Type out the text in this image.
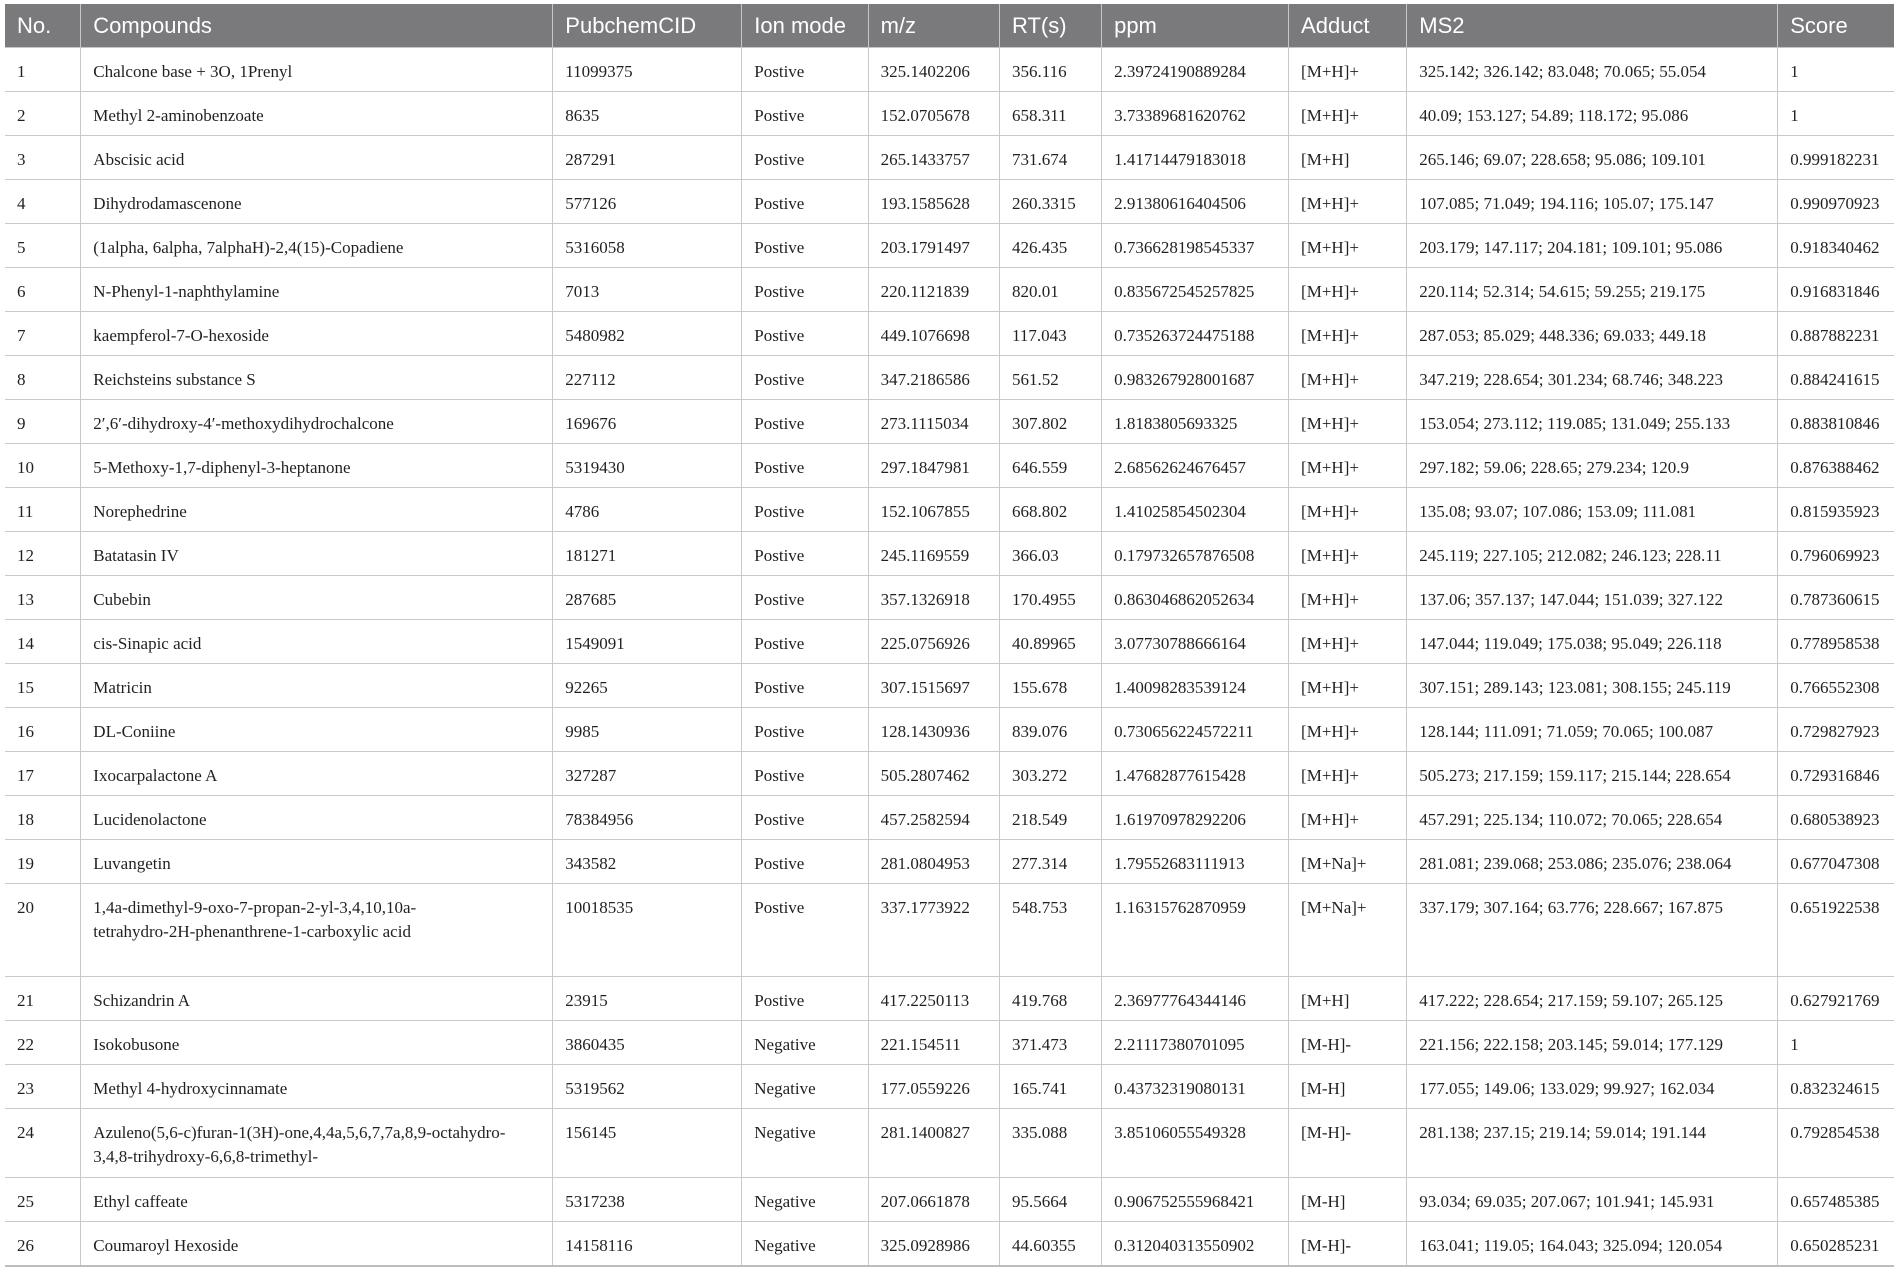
No.	Compounds	PubchemCID	Ion mode	m/z	RT(s)	ppm	Adduct	MS2	Score
1	Chalcone base + 3O, 1Prenyl	11099375	Postive	325.1402206	356.116	2.39724190889284	[M+H]+	325.142; 326.142; 83.048; 70.065; 55.054	1
2	Methyl 2-aminobenzoate	8635	Postive	152.0705678	658.311	3.73389681620762	[M+H]+	40.09; 153.127; 54.89; 118.172; 95.086	1
3	Abscisic acid	287291	Postive	265.1433757	731.674	1.41714479183018	[M+H]	265.146; 69.07; 228.658; 95.086; 109.101	0.999182231
4	Dihydrodamascenone	577126	Postive	193.1585628	260.3315	2.91380616404506	[M+H]+	107.085; 71.049; 194.116; 105.07; 175.147	0.990970923
5	(1alpha, 6alpha, 7alphaH)-2,4(15)-Copadiene	5316058	Postive	203.1791497	426.435	0.736628198545337	[M+H]+	203.179; 147.117; 204.181; 109.101; 95.086	0.918340462
6	N-Phenyl-1-naphthylamine	7013	Postive	220.1121839	820.01	0.835672545257825	[M+H]+	220.114; 52.314; 54.615; 59.255; 219.175	0.916831846
7	kaempferol-7-O-hexoside	5480982	Postive	449.1076698	117.043	0.735263724475188	[M+H]+	287.053; 85.029; 448.336; 69.033; 449.18	0.887882231
8	Reichsteins substance S	227112	Postive	347.2186586	561.52	0.983267928001687	[M+H]+	347.219; 228.654; 301.234; 68.746; 348.223	0.884241615
9	2′,6′-dihydroxy-4′-methoxydihydrochalcone	169676	Postive	273.1115034	307.802	1.8183805693325	[M+H]+	153.054; 273.112; 119.085; 131.049; 255.133	0.883810846
10	5-Methoxy-1,7-diphenyl-3-heptanone	5319430	Postive	297.1847981	646.559	2.68562624676457	[M+H]+	297.182; 59.06; 228.65; 279.234; 120.9	0.876388462
11	Norephedrine	4786	Postive	152.1067855	668.802	1.41025854502304	[M+H]+	135.08; 93.07; 107.086; 153.09; 111.081	0.815935923
12	Batatasin IV	181271	Postive	245.1169559	366.03	0.179732657876508	[M+H]+	245.119; 227.105; 212.082; 246.123; 228.11	0.796069923
13	Cubebin	287685	Postive	357.1326918	170.4955	0.863046862052634	[M+H]+	137.06; 357.137; 147.044; 151.039; 327.122	0.787360615
14	cis-Sinapic acid	1549091	Postive	225.0756926	40.89965	3.07730788666164	[M+H]+	147.044; 119.049; 175.038; 95.049; 226.118	0.778958538
15	Matricin	92265	Postive	307.1515697	155.678	1.40098283539124	[M+H]+	307.151; 289.143; 123.081; 308.155; 245.119	0.766552308
16	DL-Coniine	9985	Postive	128.1430936	839.076	0.730656224572211	[M+H]+	128.144; 111.091; 71.059; 70.065; 100.087	0.729827923
17	Ixocarpalactone A	327287	Postive	505.2807462	303.272	1.47682877615428	[M+H]+	505.273; 217.159; 159.117; 215.144; 228.654	0.729316846
18	Lucidenolactone	78384956	Postive	457.2582594	218.549	1.61970978292206	[M+H]+	457.291; 225.134; 110.072; 70.065; 228.654	0.680538923
19	Luvangetin	343582	Postive	281.0804953	277.314	1.79552683111913	[M+Na]+	281.081; 239.068; 253.086; 235.076; 238.064	0.677047308
20	1,4a-dimethyl-9-oxo-7-propan-2-yl-3,4,10,10a-tetrahydro-2H-phenanthrene-1-carboxylic acid	10018535	Postive	337.1773922	548.753	1.16315762870959	[M+Na]+	337.179; 307.164; 63.776; 228.667; 167.875	0.651922538
21	Schizandrin A	23915	Postive	417.2250113	419.768	2.36977764344146	[M+H]	417.222; 228.654; 217.159; 59.107; 265.125	0.627921769
22	Isokobusone	3860435	Negative	221.154511	371.473	2.21117380701095	[M-H]-	221.156; 222.158; 203.145; 59.014; 177.129	1
23	Methyl 4-hydroxycinnamate	5319562	Negative	177.0559226	165.741	0.43732319080131	[M-H]	177.055; 149.06; 133.029; 99.927; 162.034	0.832324615
24	Azuleno(5,6-c)furan-1(3H)-one,4,4a,5,6,7,7a,8,9-octahydro-3,4,8-trihydroxy-6,6,8-trimethyl-	156145	Negative	281.1400827	335.088	3.85106055549328	[M-H]-	281.138; 237.15; 219.14; 59.014; 191.144	0.792854538
25	Ethyl caffeate	5317238	Negative	207.0661878	95.5664	0.906752555968421	[M-H]	93.034; 69.035; 207.067; 101.941; 145.931	0.657485385
26	Coumaroyl Hexoside	14158116	Negative	325.0928986	44.60355	0.312040313550902	[M-H]-	163.041; 119.05; 164.043; 325.094; 120.054	0.650285231
